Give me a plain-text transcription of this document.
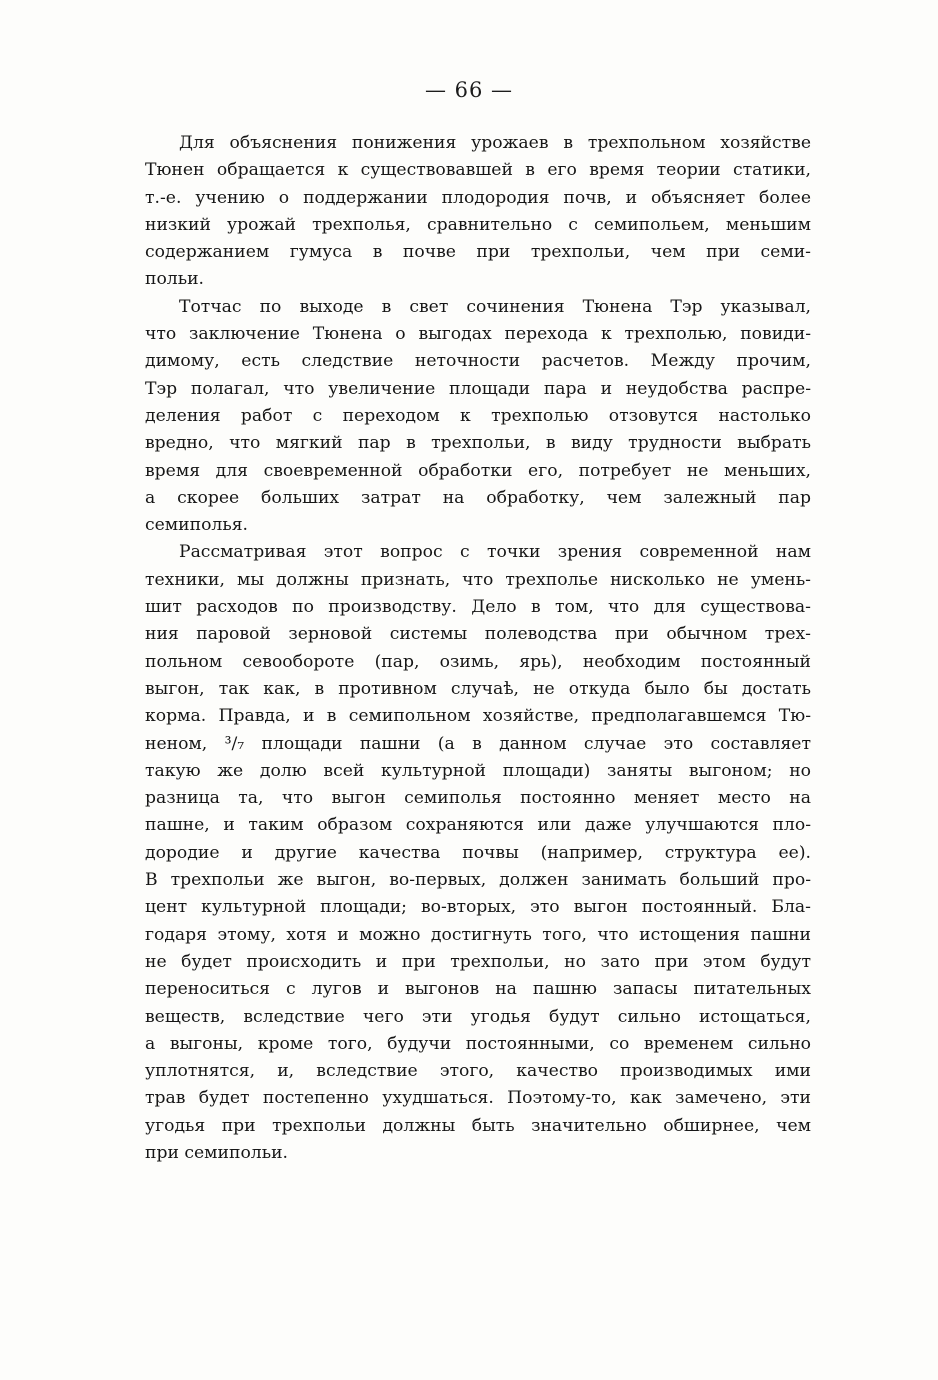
— 66 —
Для объяснения понижения урожаев в трехпольном хозяйстве
Тюнен обращается к существовавшей в его время теории статики,
т.-е. учению о поддержании плодородия почв, и объясняет более
низкий урожай трехполья, сравнительно с семипольем, меньшим
содержанием гумуса в почве при трехпольи, чем при семи-
польи.
Тотчас по выходе в свет сочинения Тюнена Тэр указывал,
что заключение Тюнена о выгодах перехода к трехполью, повиди-
димому, есть следствие неточности расчетов. Между прочим,
Тэр полагал, что увеличение площади пара и неудобства распре-
деления работ с переходом к трехполью отзовутся настолько
вредно, что мягкий пар в трехпольи, в виду трудности выбрать
время для своевременной обработки его, потребует не меньших,
а скорее больших затрат на обработку, чем залежный пар
семиполья.
Рассматривая этот вопрос с точки зрения современной нам
техники, мы должны признать, что трехполье нисколько не умень-
шит расходов по производству. Дело в том, что для существова-
ния паровой зерновой системы полеводства при обычном трех-
польном севообороте (пар, озимь, ярь), необходим постоянный
выгон, так как, в противном случаѣ, не откуда было бы достать
корма. Правда, и в семипольном хозяйстве, предполагавшемся Тю-
неном, ³/₇ площади пашни (а в данном случае это составляет
такую же долю всей культурной площади) заняты выгоном; но
разница та, что выгон семиполья постоянно меняет место на
пашне, и таким образом сохраняются или даже улучшаются пло-
дородие и другие качества почвы (например, структура ее).
В трехпольи же выгон, во-первых, должен занимать больший про-
цент культурной площади; во-вторых, это выгон постоянный. Бла-
годаря этому, хотя и можно достигнуть того, что истощения пашни
не будет происходить и при трехпольи, но зато при этом будут
переноситься с лугов и выгонов на пашню запасы питательных
веществ, вследствие чего эти угодья будут сильно истощаться,
а выгоны, кроме того, будучи постоянными, со временем сильно
уплотнятся, и, вследствие этого, качество производимых ими
трав будет постепенно ухудшаться. Поэтому-то, как замечено, эти
угодья при трехпольи должны быть значительно обширнее, чем
при семипольи.
